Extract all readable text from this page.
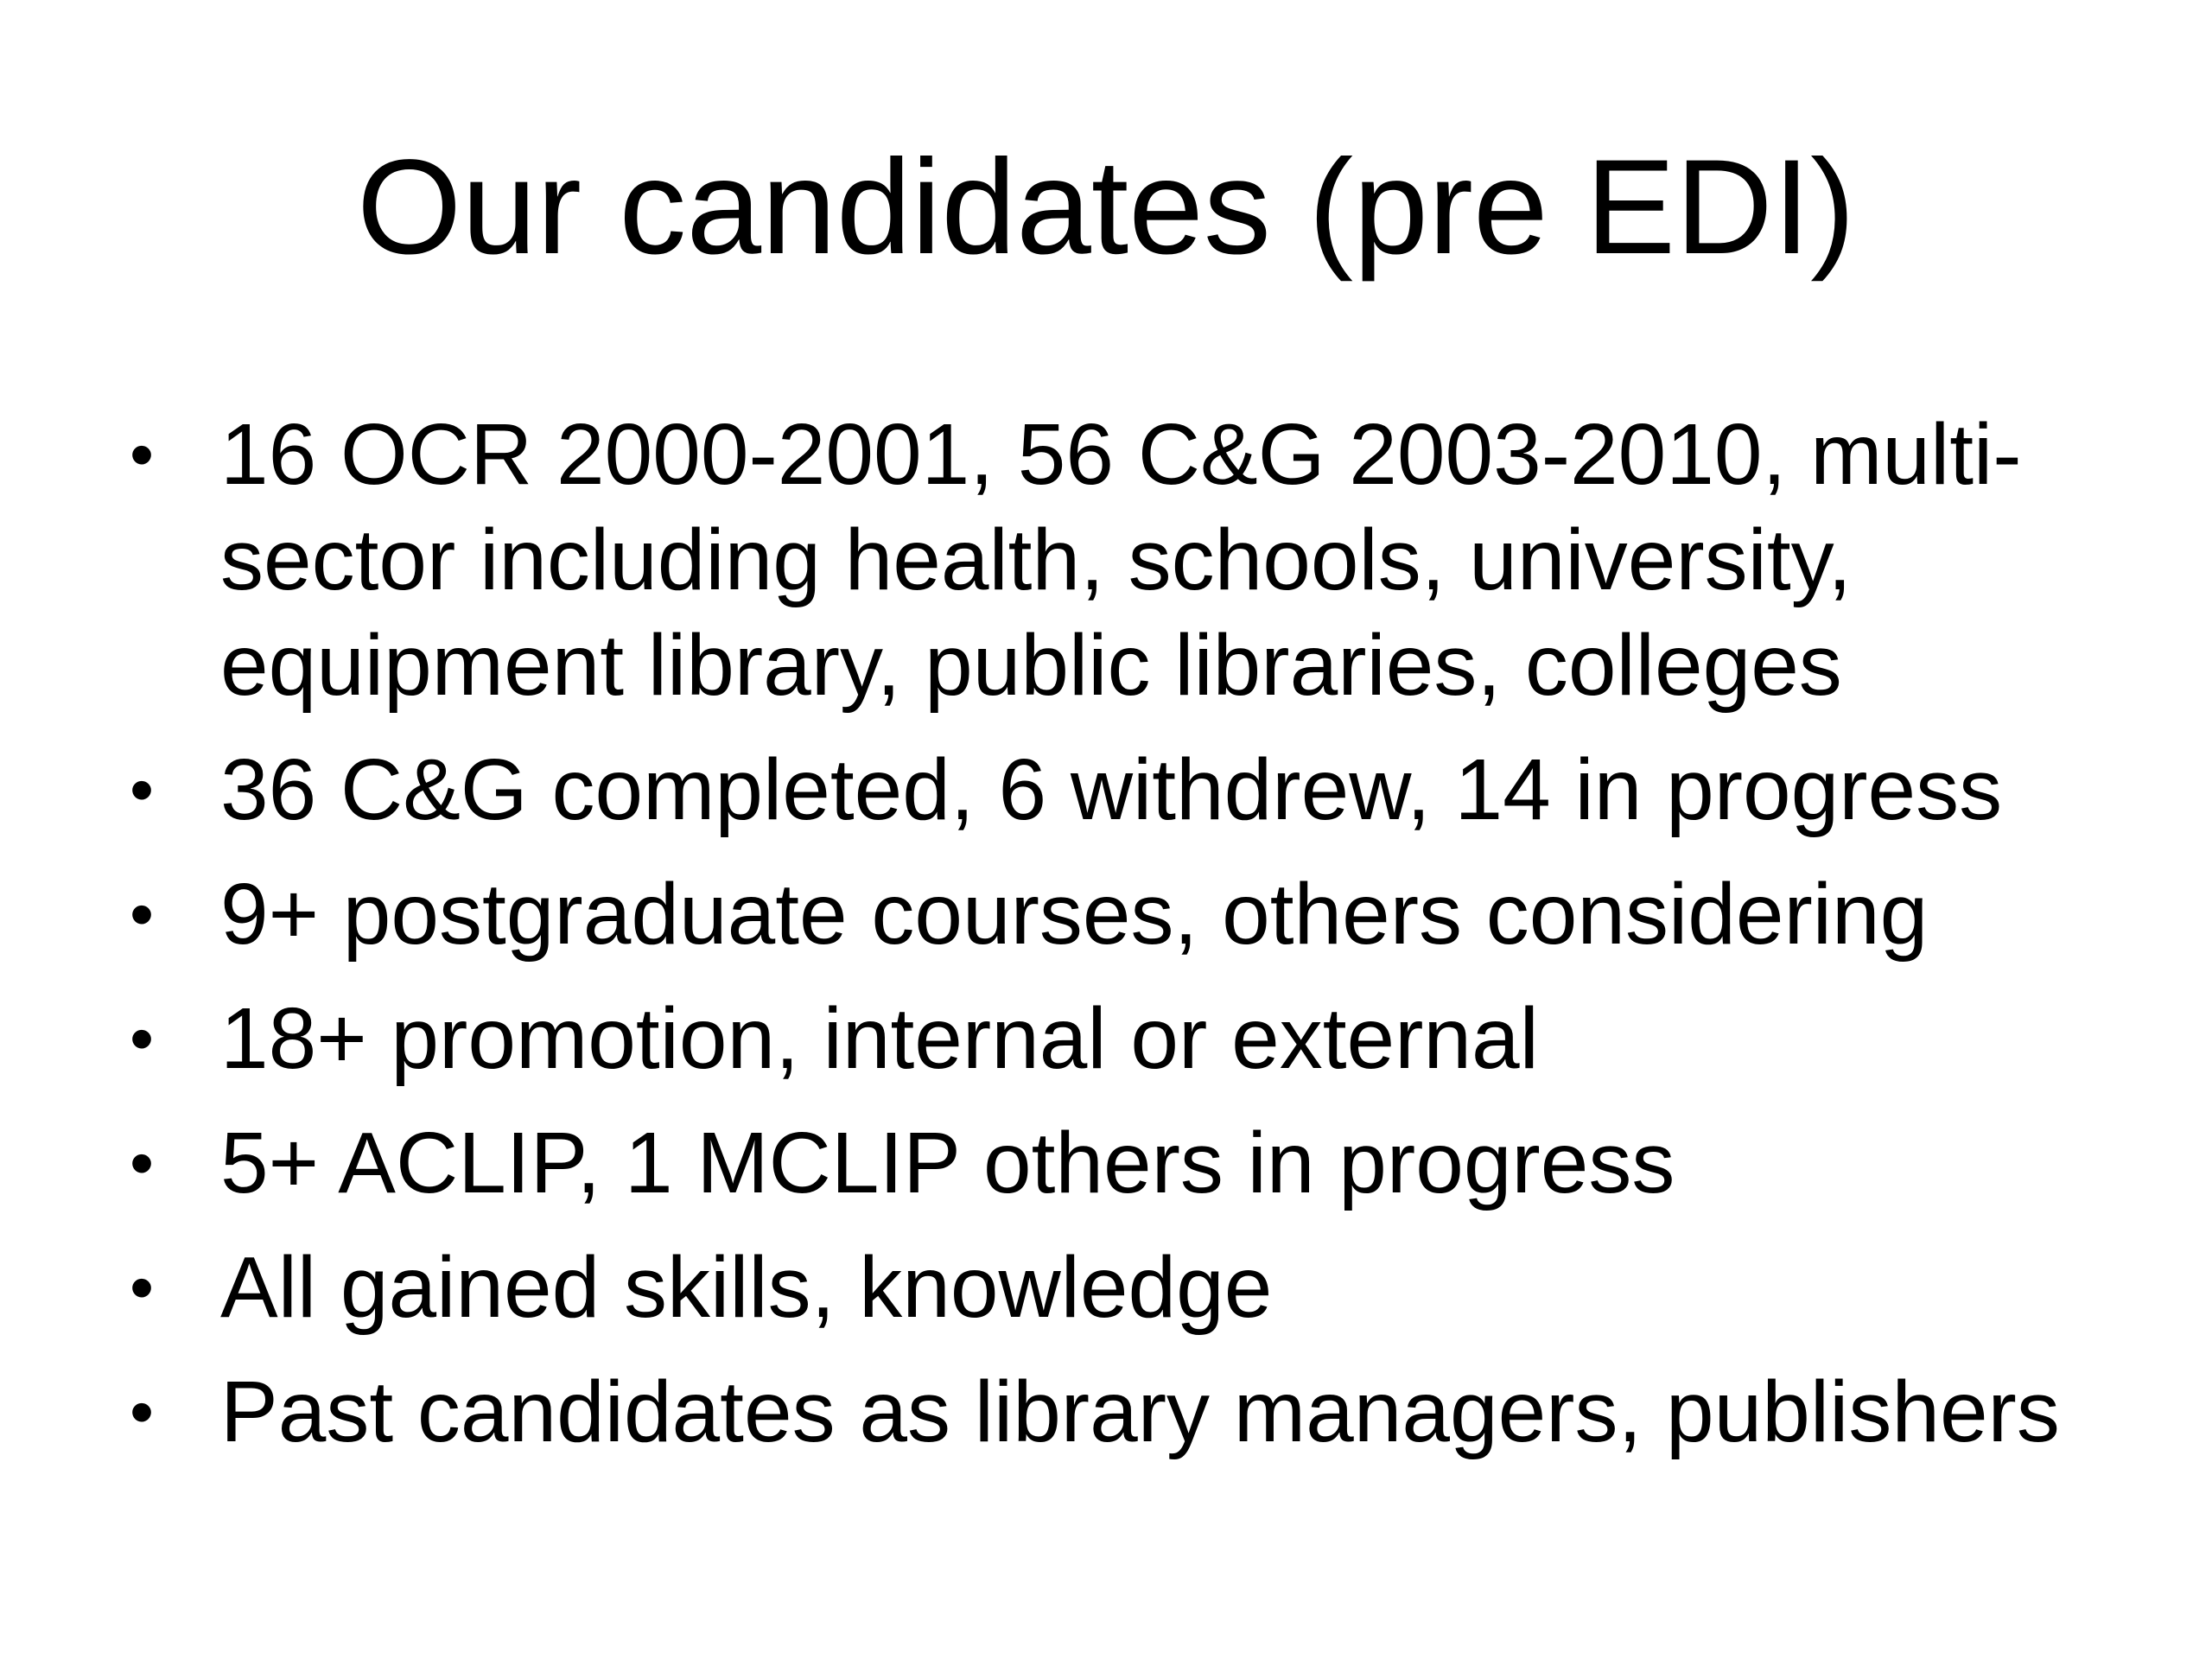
Our candidates (pre EDI)
• 16 OCR 2000-2001, 56 C&G 2003-2010, multi-sector including health, schools, university, equipment library, public libraries, colleges
• 36 C&G completed, 6 withdrew, 14 in progress
• 9+ postgraduate courses, others considering
• 18+ promotion, internal or external
• 5+ ACLIP, 1 MCLIP others in progress
• All gained skills, knowledge
• Past candidates as library managers, publishers
